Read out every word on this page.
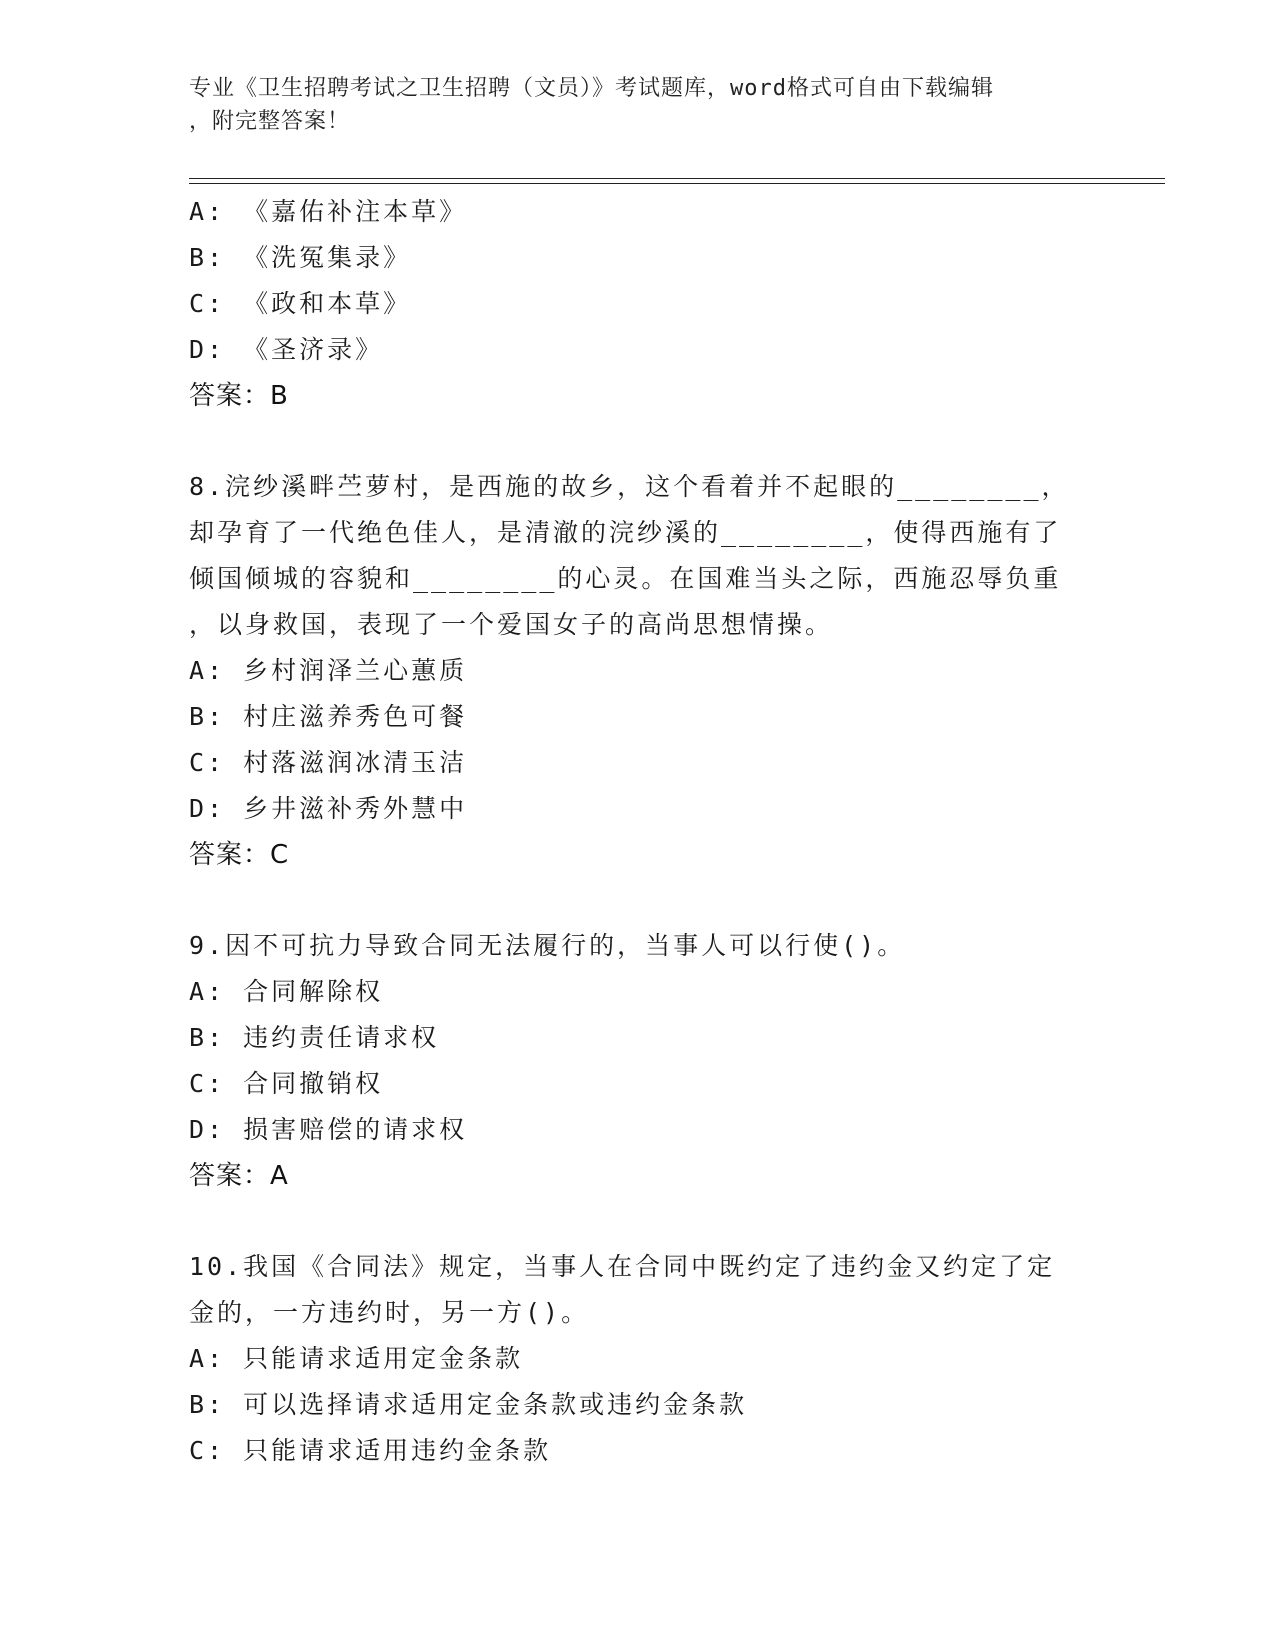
专业《卫生招聘考试之卫生招聘（文员）》考试题库，word格式可自由下载编辑
，附完整答案！
A: 《嘉佑补注本草》
B: 《洗冤集录》
C: 《政和本草》
D: 《圣济录》
答案：B
8.浣纱溪畔苎萝村，是西施的故乡，这个看着并不起眼的________，
却孕育了一代绝色佳人，是清澈的浣纱溪的________，使得西施有了
倾国倾城的容貌和________的心灵。在国难当头之际，西施忍辱负重
，以身救国，表现了一个爱国女子的高尚思想情操。
A: 乡村润泽兰心蕙质
B: 村庄滋养秀色可餐
C: 村落滋润冰清玉洁
D: 乡井滋补秀外慧中
答案：C
9.因不可抗力导致合同无法履行的，当事人可以行使()。
A: 合同解除权
B: 违约责任请求权
C: 合同撤销权
D: 损害赔偿的请求权
答案：A
10.我国《合同法》规定，当事人在合同中既约定了违约金又约定了定
金的，一方违约时，另一方()。
A: 只能请求适用定金条款
B: 可以选择请求适用定金条款或违约金条款
C: 只能请求适用违约金条款
